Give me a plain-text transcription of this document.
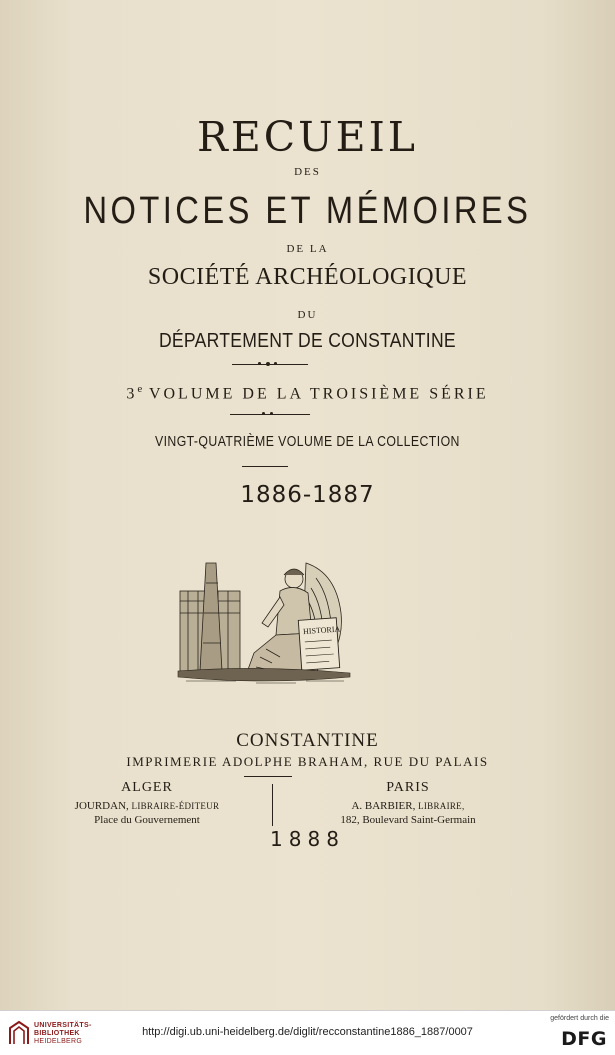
RECUEIL
DES
NOTICES ET MÉMOIRES
DE LA
SOCIÉTÉ ARCHÉOLOGIQUE
DU
DÉPARTEMENT DE CONSTANTINE
3e VOLUME DE LA TROISIÈME SÉRIE
VINGT-QUATRIÈME VOLUME DE LA COLLECTION
1886-1887
HISTORIA
CONSTANTINE
IMPRIMERIE ADOLPHE BRAHAM, RUE DU PALAIS
ALGER
JOURDAN, LIBRAIRE-ÉDITEUR
Place du Gouvernement
PARIS
A. BARBIER, LIBRAIRE,
182, Boulevard Saint-Germain
1888
UNIVERSITÄTS-
BIBLIOTHEK
HEIDELBERG
http://digi.ub.uni-heidelberg.de/diglit/recconstantine1886_1887/0007
gefördert durch die
DFG
